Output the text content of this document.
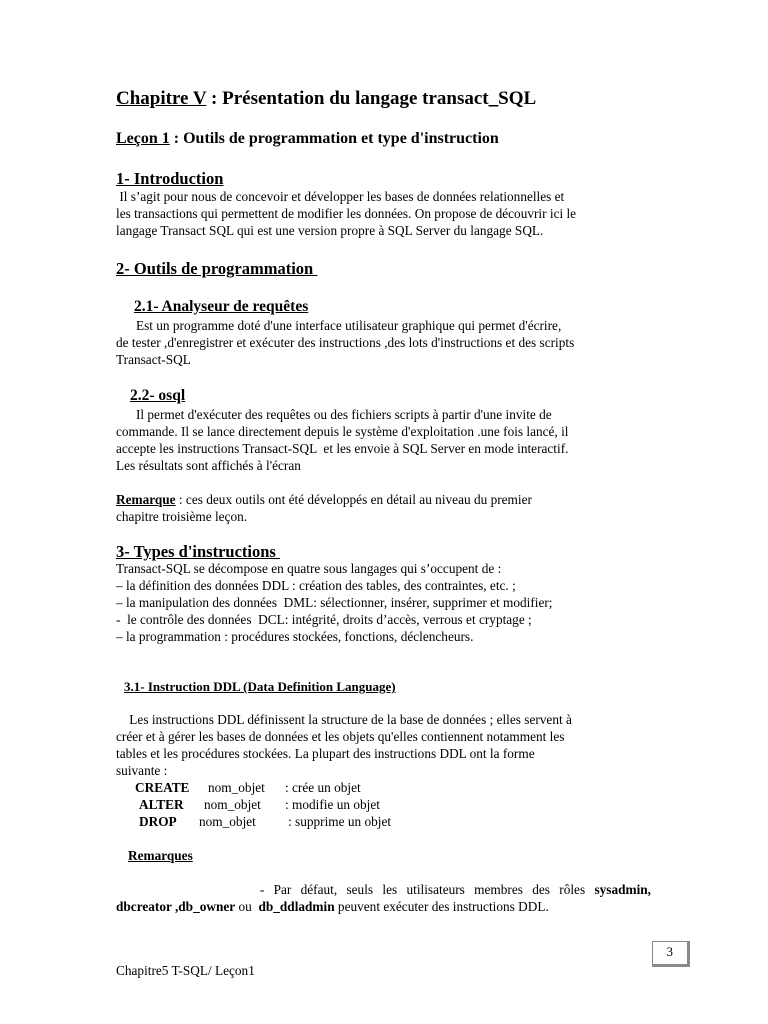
Chapitre V : Présentation du langage transact_SQL
Leçon 1 : Outils de programmation et type d'instruction
1- Introduction
Il s’agit pour nous de concevoir et développer les bases de données relationnelles et
les transactions qui permettent de modifier les données. On propose de découvrir ici le
langage Transact SQL qui est une version propre à SQL Server du langage SQL.
2- Outils de programmation
2.1- Analyseur de requêtes
Est un programme doté d'une interface utilisateur graphique qui permet d'écrire,
de tester ,d'enregistrer et exécuter des instructions ,des lots d'instructions et des scripts
Transact-SQL
2.2- osql
Il permet d'exécuter des requêtes ou des fichiers scripts à partir d'une invite de
commande. Il se lance directement depuis le système d'exploitation .une fois lancé, il
accepte les instructions Transact-SQL  et les envoie à SQL Server en mode interactif.
Les résultats sont affichés à l'écran
Remarque : ces deux outils ont été développés en détail au niveau du premier
chapitre troisième leçon.
3- Types d'instructions
Transact-SQL se décompose en quatre sous langages qui s’occupent de :
– la définition des données DDL : création des tables, des contraintes, etc. ;
– la manipulation des données  DML: sélectionner, insérer, supprimer et modifier;
-  le contrôle des données  DCL: intégrité, droits d’accès, verrous et cryptage ;
– la programmation : procédures stockées, fonctions, déclencheurs.
3.1- Instruction DDL (Data Definition Language)
Les instructions DDL définissent la structure de la base de données ; elles servent à
créer et à gérer les bases de données et les objets qu'elles contiennent notamment les
tables et les procédures stockées. La plupart des instructions DDL ont la forme
suivante :
CREATE nom_objet : crée un objet
ALTER nom_objet : modifie un objet
DROP nom_objet : supprime un objet
Remarques
- Par défaut, seuls les utilisateurs membres des rôles sysadmin,
dbcreator ,db_owner ou  db_ddladmin peuvent exécuter des instructions DDL.
3
Chapitre5 T-SQL/ Leçon1
